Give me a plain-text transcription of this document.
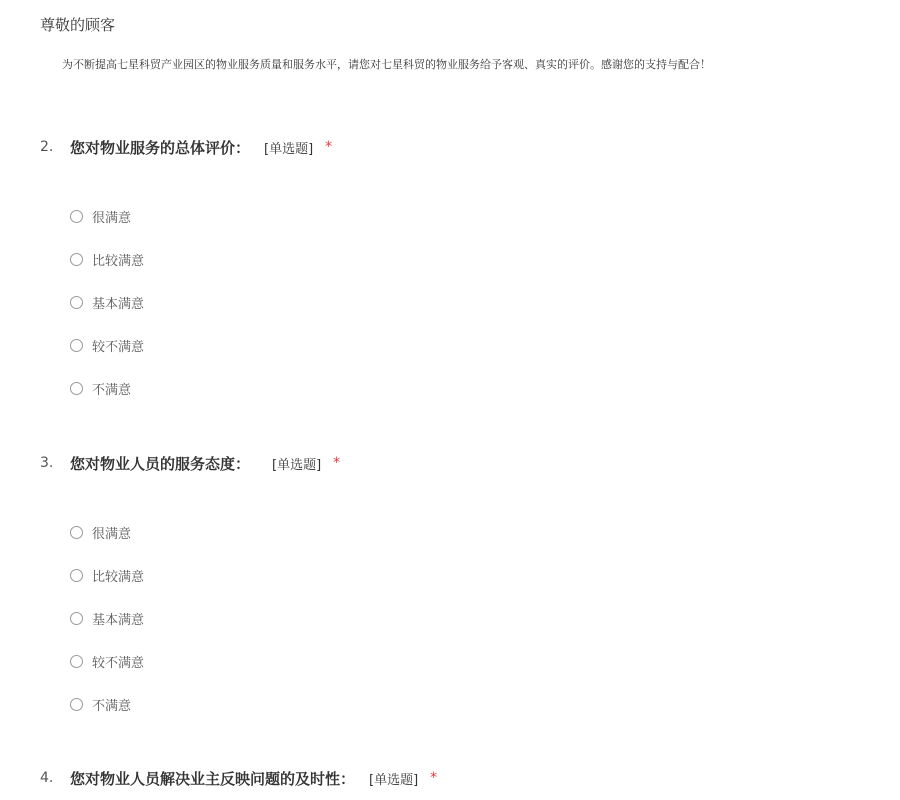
尊敬的顾客
为不断提高七星科贸产业园区的物业服务质量和服务水平，请您对七星科贸的物业服务给予客观、真实的评价。感谢您的支持与配合！
2.	您对物业服务的总体评价： [单选题] *
很满意
比较满意
基本满意
较不满意
不满意
3.	您对物业人员的服务态度： [单选题] *
很满意
比较满意
基本满意
较不满意
不满意
4.	您对物业人员解决业主反映问题的及时性： [单选题] *
